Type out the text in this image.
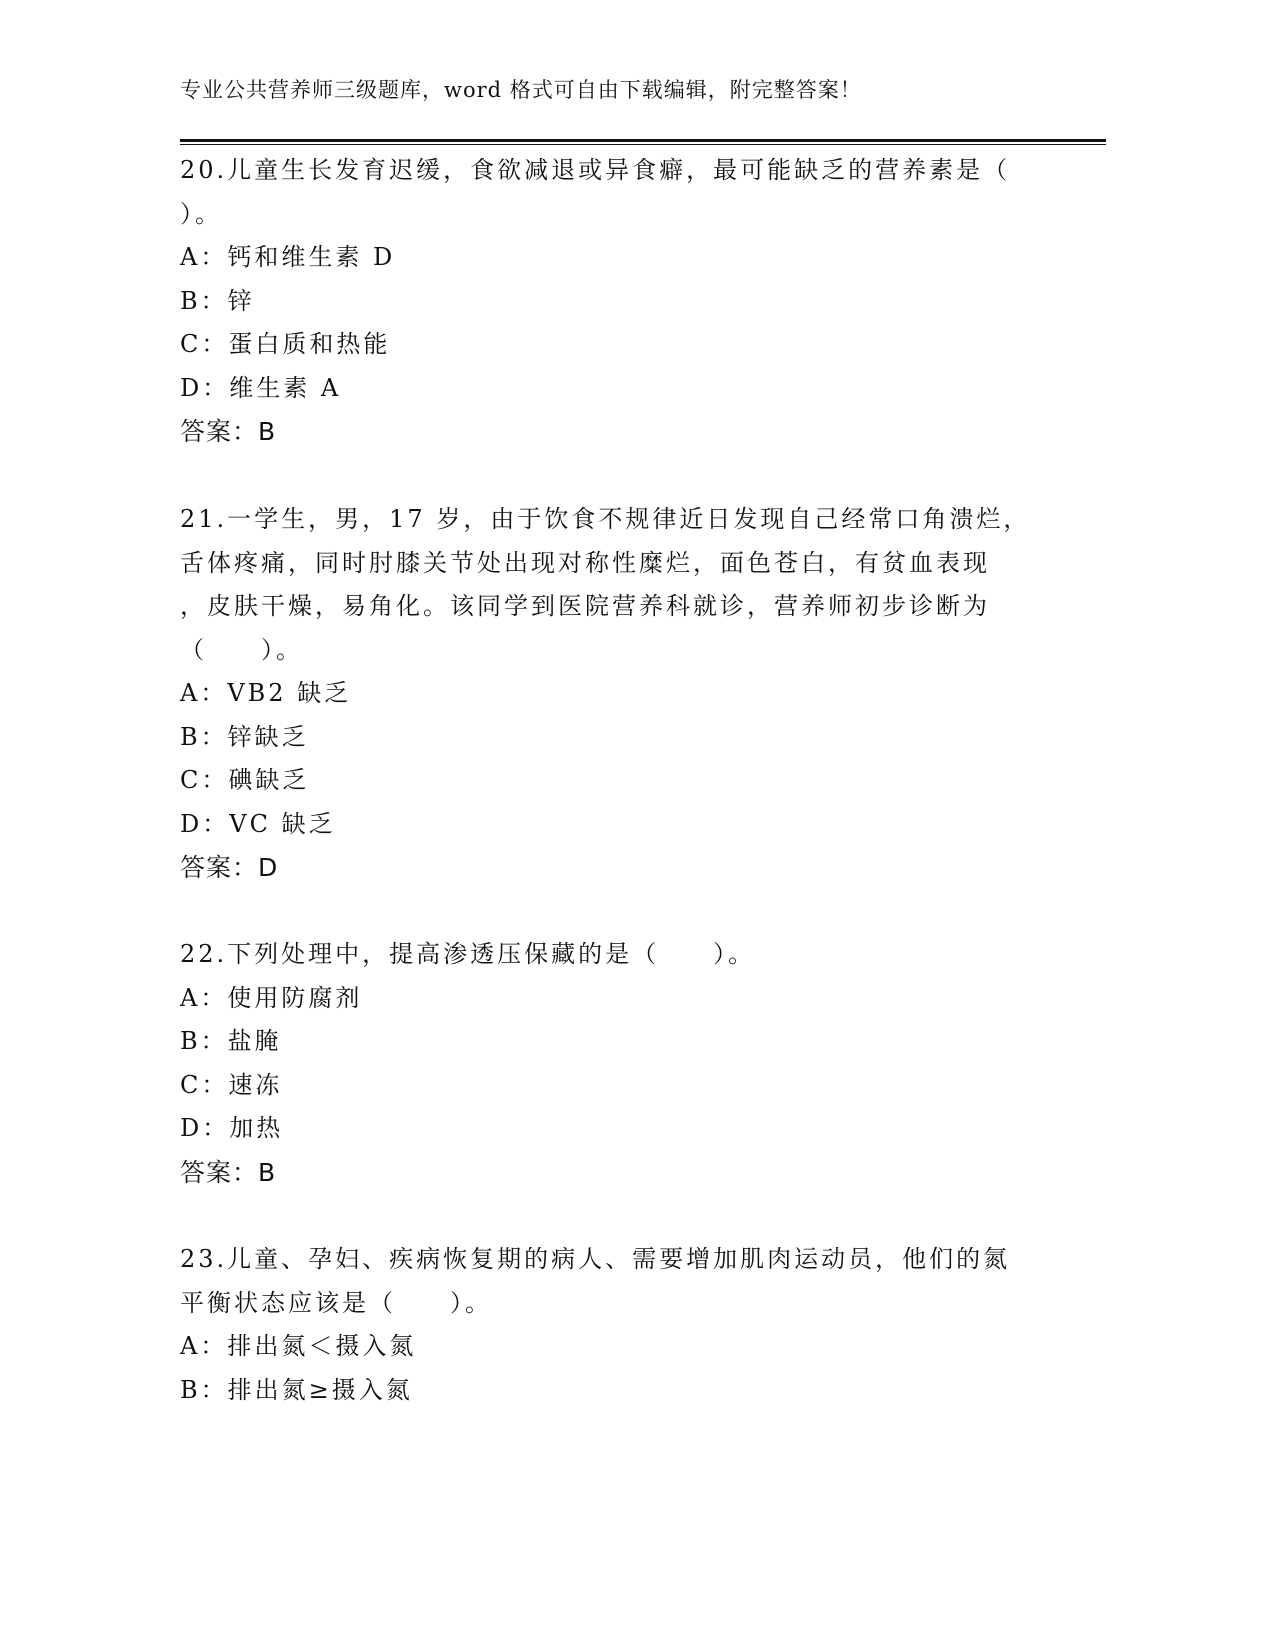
专业公共营养师三级题库，word 格式可自由下载编辑，附完整答案！
20.儿童生长发育迟缓，食欲减退或异食癖，最可能缺乏的营养素是（
）。
A：钙和维生素 D
B：锌
C：蛋白质和热能
D：维生素 A
答案：B
21.一学生，男，17 岁，由于饮食不规律近日发现自己经常口角溃烂，
舌体疼痛，同时肘膝关节处出现对称性糜烂，面色苍白，有贫血表现
，皮肤干燥，易角化。该同学到医院营养科就诊，营养师初步诊断为
（　　）。
A：VB2 缺乏
B：锌缺乏
C：碘缺乏
D：VC 缺乏
答案：D
22.下列处理中，提高渗透压保藏的是（　　）。
A：使用防腐剂
B：盐腌
C：速冻
D：加热
答案：B
23.儿童、孕妇、疾病恢复期的病人、需要增加肌肉运动员，他们的氮
平衡状态应该是（　　）。
A：排出氮＜摄入氮
B：排出氮≥摄入氮
